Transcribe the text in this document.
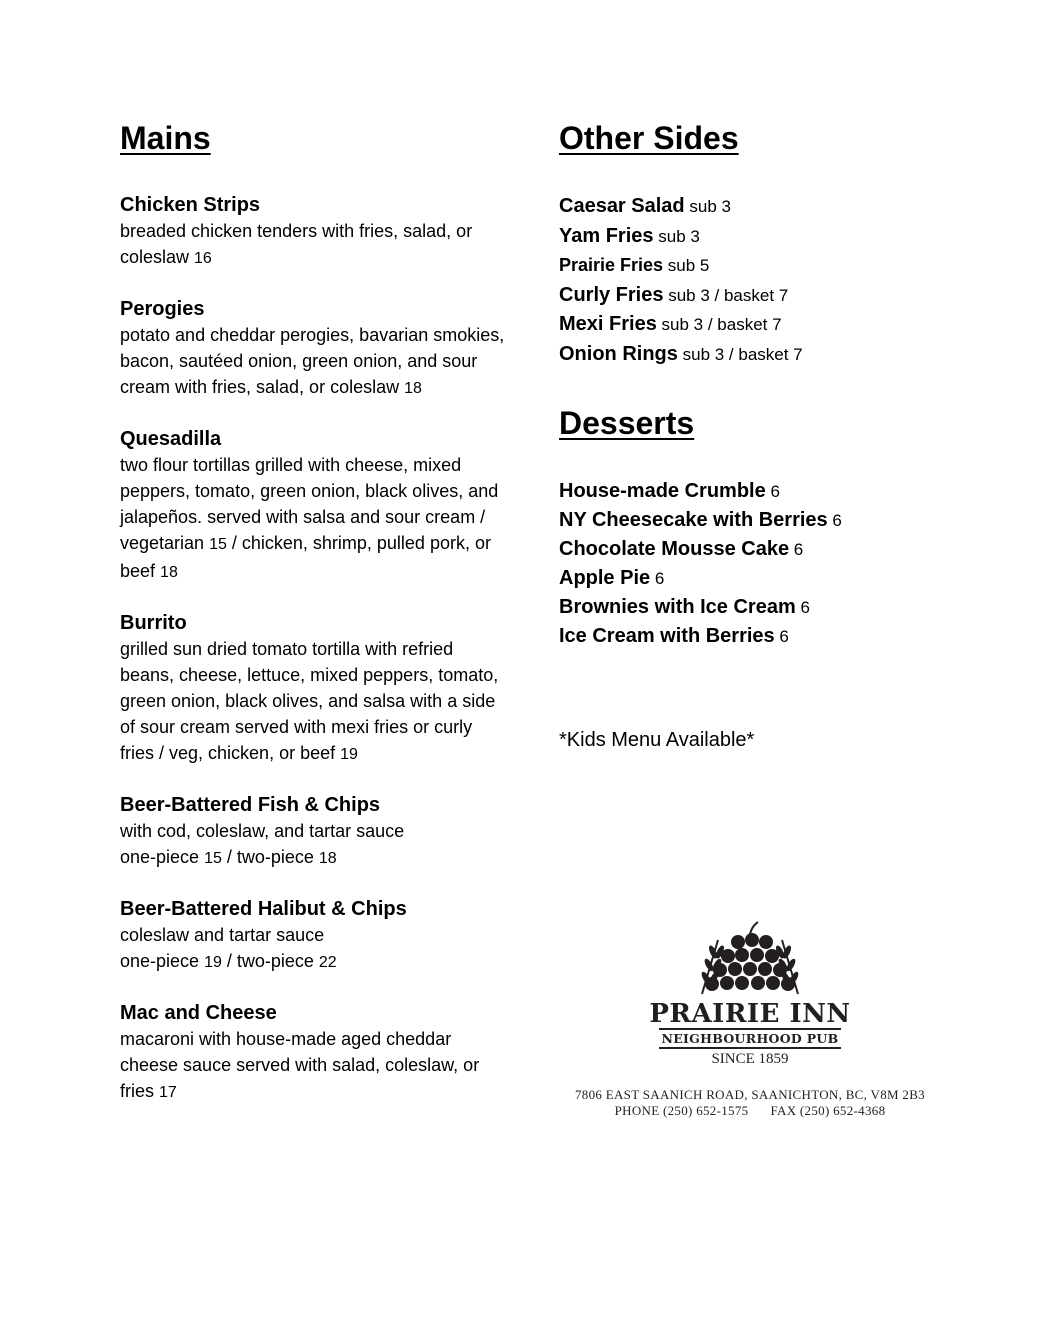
Mains
Chicken Strips
breaded chicken tenders with fries, salad, or coleslaw 16
Perogies
potato and cheddar perogies, bavarian smokies, bacon, sautéed onion, green onion, and sour cream with fries, salad, or coleslaw 18
Quesadilla
two flour tortillas grilled with cheese, mixed peppers, tomato, green onion, black olives, and jalapeños. served with salsa and sour cream / vegetarian 15 / chicken, shrimp, pulled pork, or beef 18
Burrito
grilled sun dried tomato tortilla with refried beans, cheese, lettuce, mixed peppers, tomato, green onion, black olives, and salsa with a side of sour cream served with mexi fries or curly fries / veg, chicken, or beef 19
Beer-Battered Fish & Chips
with cod, coleslaw, and tartar sauce
one-piece 15 / two-piece 18
Beer-Battered Halibut & Chips
coleslaw and tartar sauce
one-piece 19 / two-piece 22
Mac and Cheese
macaroni with house-made aged cheddar cheese sauce served with salad, coleslaw, or fries 17
Other Sides
Caesar Salad sub 3
Yam Fries sub 3
Prairie Fries sub 5
Curly Fries sub 3 / basket 7
Mexi Fries sub 3 / basket 7
Onion Rings sub 3 / basket 7
Desserts
House-made Crumble 6
NY Cheesecake with Berries 6
Chocolate Mousse Cake 6
Apple Pie 6
Brownies with Ice Cream 6
Ice Cream with Berries 6
*Kids Menu Available*
PRAIRIE INN
NEIGHBOURHOOD PUB
SINCE 1859
7806 EAST SAANICH ROAD, SAANICHTON, BC, V8M 2B3
PHONE (250) 652-1575 FAX (250) 652-4368
